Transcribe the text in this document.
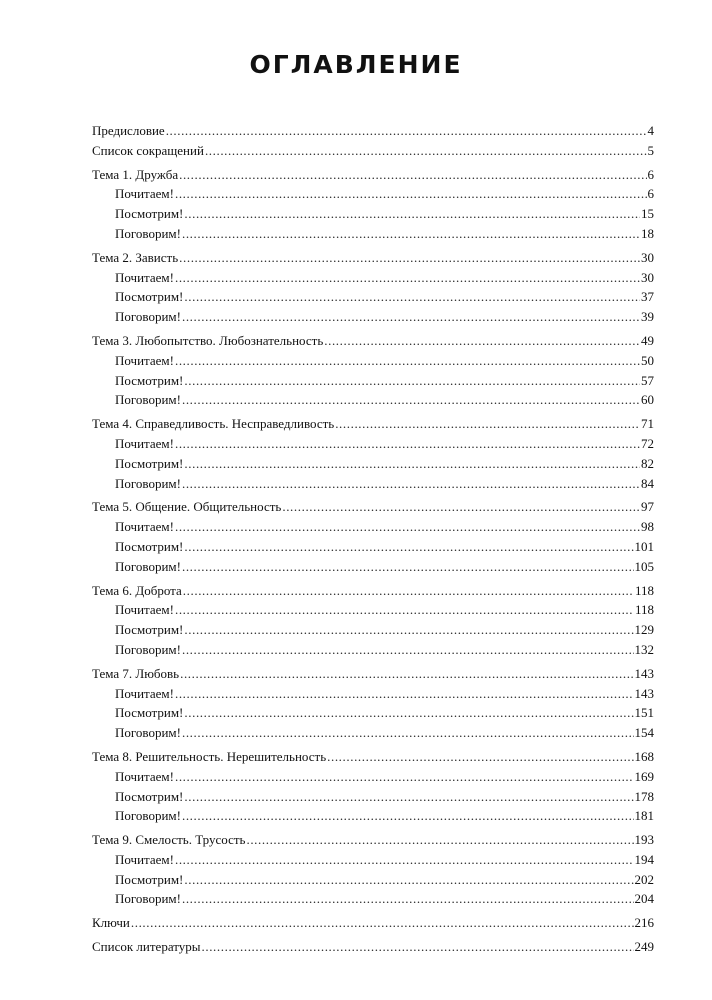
ОГЛАВЛЕНИЕ
Предисловие .....	4
Список сокращений .....	5
Тема 1. Дружба .....	6
Почитаем! .....	6
Посмотрим! .....	15
Поговорим! .....	18
Тема 2. Зависть .....	30
Почитаем! .....	30
Посмотрим! .....	37
Поговорим! .....	39
Тема 3. Любопытство. Любознательность .....	49
Почитаем! .....	50
Посмотрим! .....	57
Поговорим! .....	60
Тема 4. Справедливость. Несправедливость .....	71
Почитаем! .....	72
Посмотрим! .....	82
Поговорим! .....	84
Тема 5. Общение. Общительность .....	97
Почитаем! .....	98
Посмотрим! .....	101
Поговорим! .....	105
Тема 6. Доброта .....	118
Почитаем! .....	118
Посмотрим! .....	129
Поговорим! .....	132
Тема 7. Любовь .....	143
Почитаем! .....	143
Посмотрим! .....	151
Поговорим! .....	154
Тема 8. Решительность. Нерешительность .....	168
Почитаем! .....	169
Посмотрим! .....	178
Поговорим! .....	181
Тема 9. Смелость. Трусость .....	193
Почитаем! .....	194
Посмотрим! .....	202
Поговорим! .....	204
Ключи .....	216
Список литературы .....	249
